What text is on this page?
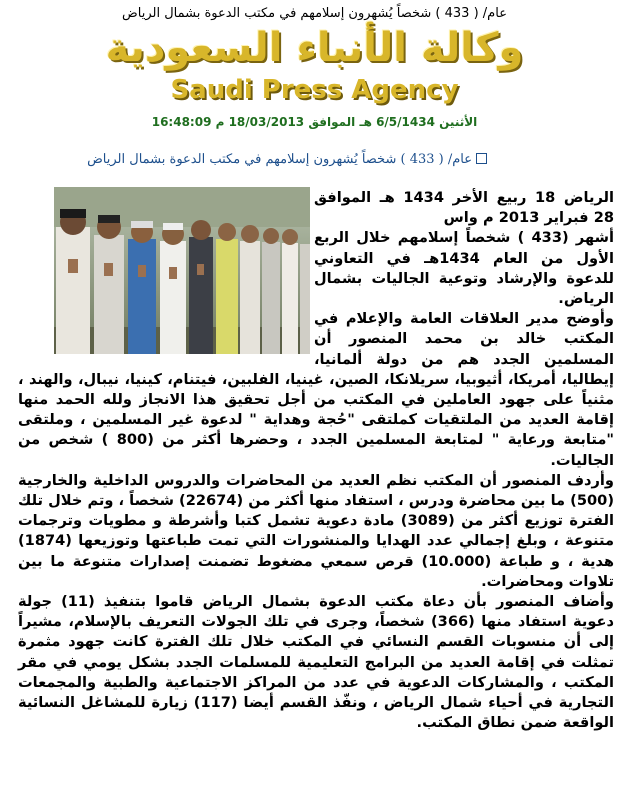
عام/ ( 433 ) شخصاً يُشهرون إسلامهم في مكتب الدعوة بشمال الرياض
وكالة الأنباء السعودية
Saudi Press Agency
الأثنين 6/5/1434 هـ الموافق 18/03/2013 م 16:48:09
عام/ ( 433 ) شخصاً يُشهرون إسلامهم في مكتب الدعوة بشمال الرياض

الرياض 18 ربيع الأخر 1434 هـ الموافق 28 فبراير 2013 م واس

أشهر (433 ) شخصاً إسلامهم خلال الربع الأول من العام 1434هـ في التعاوني للدعوة والإرشاد وتوعية الجاليات بشمال الرياض.

وأوضح مدير العلاقات العامة والإعلام في المكتب خالد بن محمد المنصور أن المسلمين الجدد هم من دولة ألمانيا، إيطاليا، أمريكا، أثيوبيا، سريلانكا، الصين، غينيا، الفلبين، فيتنام، كينيا، نيبال، والهند ، مثنياً على جهود العاملين في المكتب من أجل تحقيق هذا الانجاز ولله الحمد منها إقامة العديد من الملتقيات كملتقى "حُجة وهداية " لدعوة غير المسلمين ، وملتقى "متابعة ورعاية " لمتابعة المسلمين الجدد ، وحضرها أكثر من (800 ) شخص من الجاليات.

وأردف المنصور أن المكتب نظم العديد من المحاضرات والدروس الداخلية والخارجية (500) ما بين محاضرة ودرس ، استفاد منها أكثر من (22674) شخصاً ، وتم خلال تلك الفترة توزيع أكثر من (3089) مادة دعوية تشمل كتبا وأشرطة و مطويات وترجمات متنوعة ، وبلغ إجمالي عدد الهدايا والمنشورات التي تمت طباعتها وتوزيعها (1874) هدية ، و طباعة (10.000) قرص سمعي مضغوط تضمنت إصدارات متنوعة ما بين تلاوات ومحاضرات.

وأضاف المنصور بأن دعاة مكتب الدعوة بشمال الرياض قاموا بتنفيذ (11) جولة دعوية استفاد منها (366) شخصاً، وجرى في تلك الجولات التعريف بالإسلام، مشيراً إلى أن منسوبات القسم النسائي في المكتب خلال تلك الفترة كانت جهود مثمرة تمثلت في إقامة العديد من البرامج التعليمية للمسلمات الجدد بشكل يومي في مقر المكتب ، والمشاركات الدعوية في عدد من المراكز الاجتماعية والطبية والمجمعات التجارية في أحياء شمال الرياض ، ونفّذ القسم أيضا (117) زيارة للمشاغل النسائية الواقعة ضمن نطاق المكتب.
